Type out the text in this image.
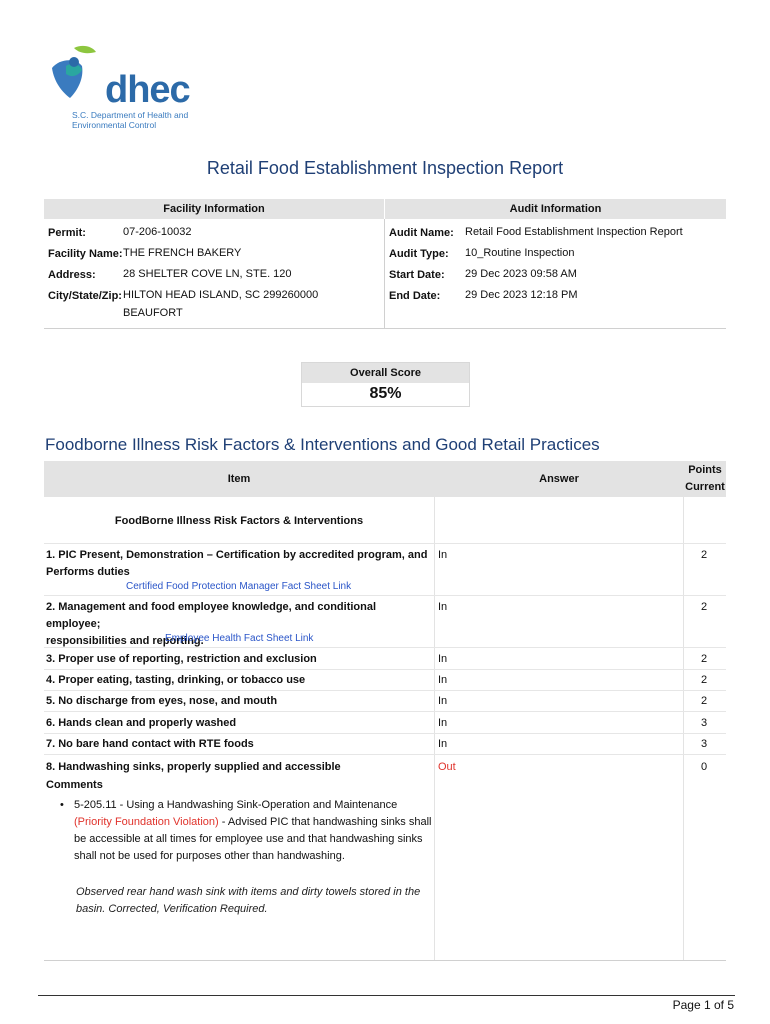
dhec
S.C. Department of Health and
Environmental Control
Retail Food Establishment Inspection Report
Facility Information	Audit Information
Permit:	07-206-10032
Facility Name: THE FRENCH BAKERY
Address: 28 SHELTER COVE LN, STE. 120
City/State/Zip: HILTON HEAD ISLAND, SC 299260000
BEAUFORT
Audit Name: Retail Food Establishment Inspection Report
Audit Type: 10_Routine Inspection
Start Date: 29 Dec 2023 09:58 AM
End Date: 29 Dec 2023 12:18 PM
Overall Score
85%
Foodborne Illness Risk Factors & Interventions and Good Retail Practices
Item	Answer
Points
Current
FoodBorne Illness Risk Factors & Interventions
1. PIC Present, Demonstration – Certification by accredited program, and
Performs duties
In	2
Certified Food Protection Manager Fact Sheet Link
2. Management and food employee knowledge, and conditional employee;
responsibilities and reporting.
In	2
Employee Health Fact Sheet Link
3. Proper use of reporting, restriction and exclusion	In	2
4. Proper eating, tasting, drinking, or tobacco use	In	2
5. No discharge from eyes, nose, and mouth	In	2
6. Hands clean and properly washed	In	3
7. No bare hand contact with RTE foods	In	3
8. Handwashing sinks, properly supplied and accessible	Out	0
Comments
• 5-205.11 - Using a Handwashing Sink-Operation and Maintenance
(Priority Foundation Violation) - Advised PIC that handwashing sinks shall be accessible at all times for employee use and that handwashing sinks shall not be used for purposes other than handwashing.
Observed rear hand wash sink with items and dirty towels stored in the basin. Corrected, Verification Required.
Page 1 of 5
